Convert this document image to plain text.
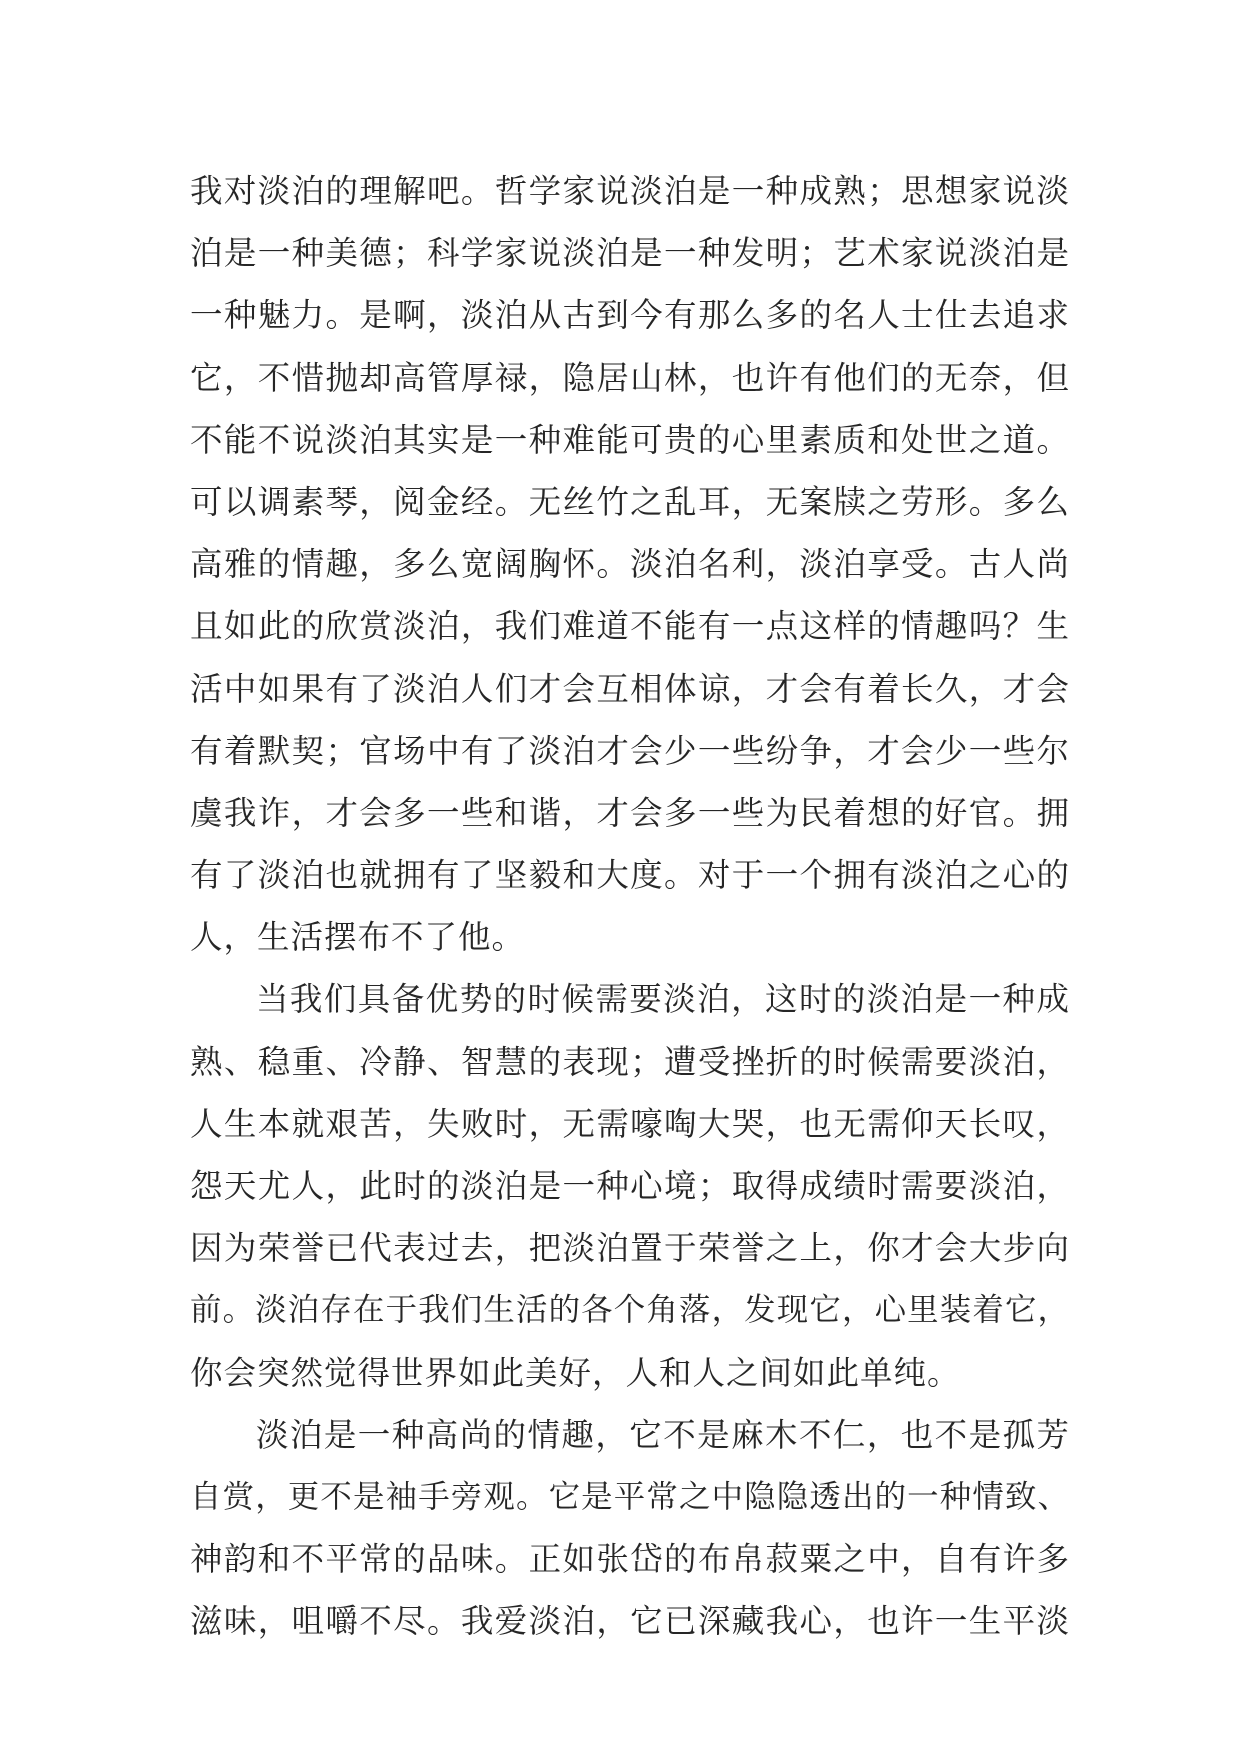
我对淡泊的理解吧。哲学家说淡泊是一种成熟；思想家说淡
泊是一种美德；科学家说淡泊是一种发明；艺术家说淡泊是
一种魅力。是啊，淡泊从古到今有那么多的名人士仕去追求
它，不惜抛却高管厚禄，隐居山林，也许有他们的无奈，但
不能不说淡泊其实是一种难能可贵的心里素质和处世之道。
可以调素琴，阅金经。无丝竹之乱耳，无案牍之劳形。多么
高雅的情趣，多么宽阔胸怀。淡泊名利，淡泊享受。古人尚
且如此的欣赏淡泊，我们难道不能有一点这样的情趣吗？生
活中如果有了淡泊人们才会互相体谅，才会有着长久，才会
有着默契；官场中有了淡泊才会少一些纷争，才会少一些尔
虞我诈，才会多一些和谐，才会多一些为民着想的好官。拥
有了淡泊也就拥有了坚毅和大度。对于一个拥有淡泊之心的
人，生活摆布不了他。
当我们具备优势的时候需要淡泊，这时的淡泊是一种成
熟、稳重、冷静、智慧的表现；遭受挫折的时候需要淡泊，
人生本就艰苦，失败时，无需嚎啕大哭，也无需仰天长叹，
怨天尤人，此时的淡泊是一种心境；取得成绩时需要淡泊，
因为荣誉已代表过去，把淡泊置于荣誉之上，你才会大步向
前。淡泊存在于我们生活的各个角落，发现它，心里装着它，
你会突然觉得世界如此美好，人和人之间如此单纯。
淡泊是一种高尚的情趣，它不是麻木不仁，也不是孤芳
自赏，更不是袖手旁观。它是平常之中隐隐透出的一种情致、
神韵和不平常的品味。正如张岱的布帛菽粟之中，自有许多
滋味，咀嚼不尽。我爱淡泊，它已深藏我心，也许一生平淡
